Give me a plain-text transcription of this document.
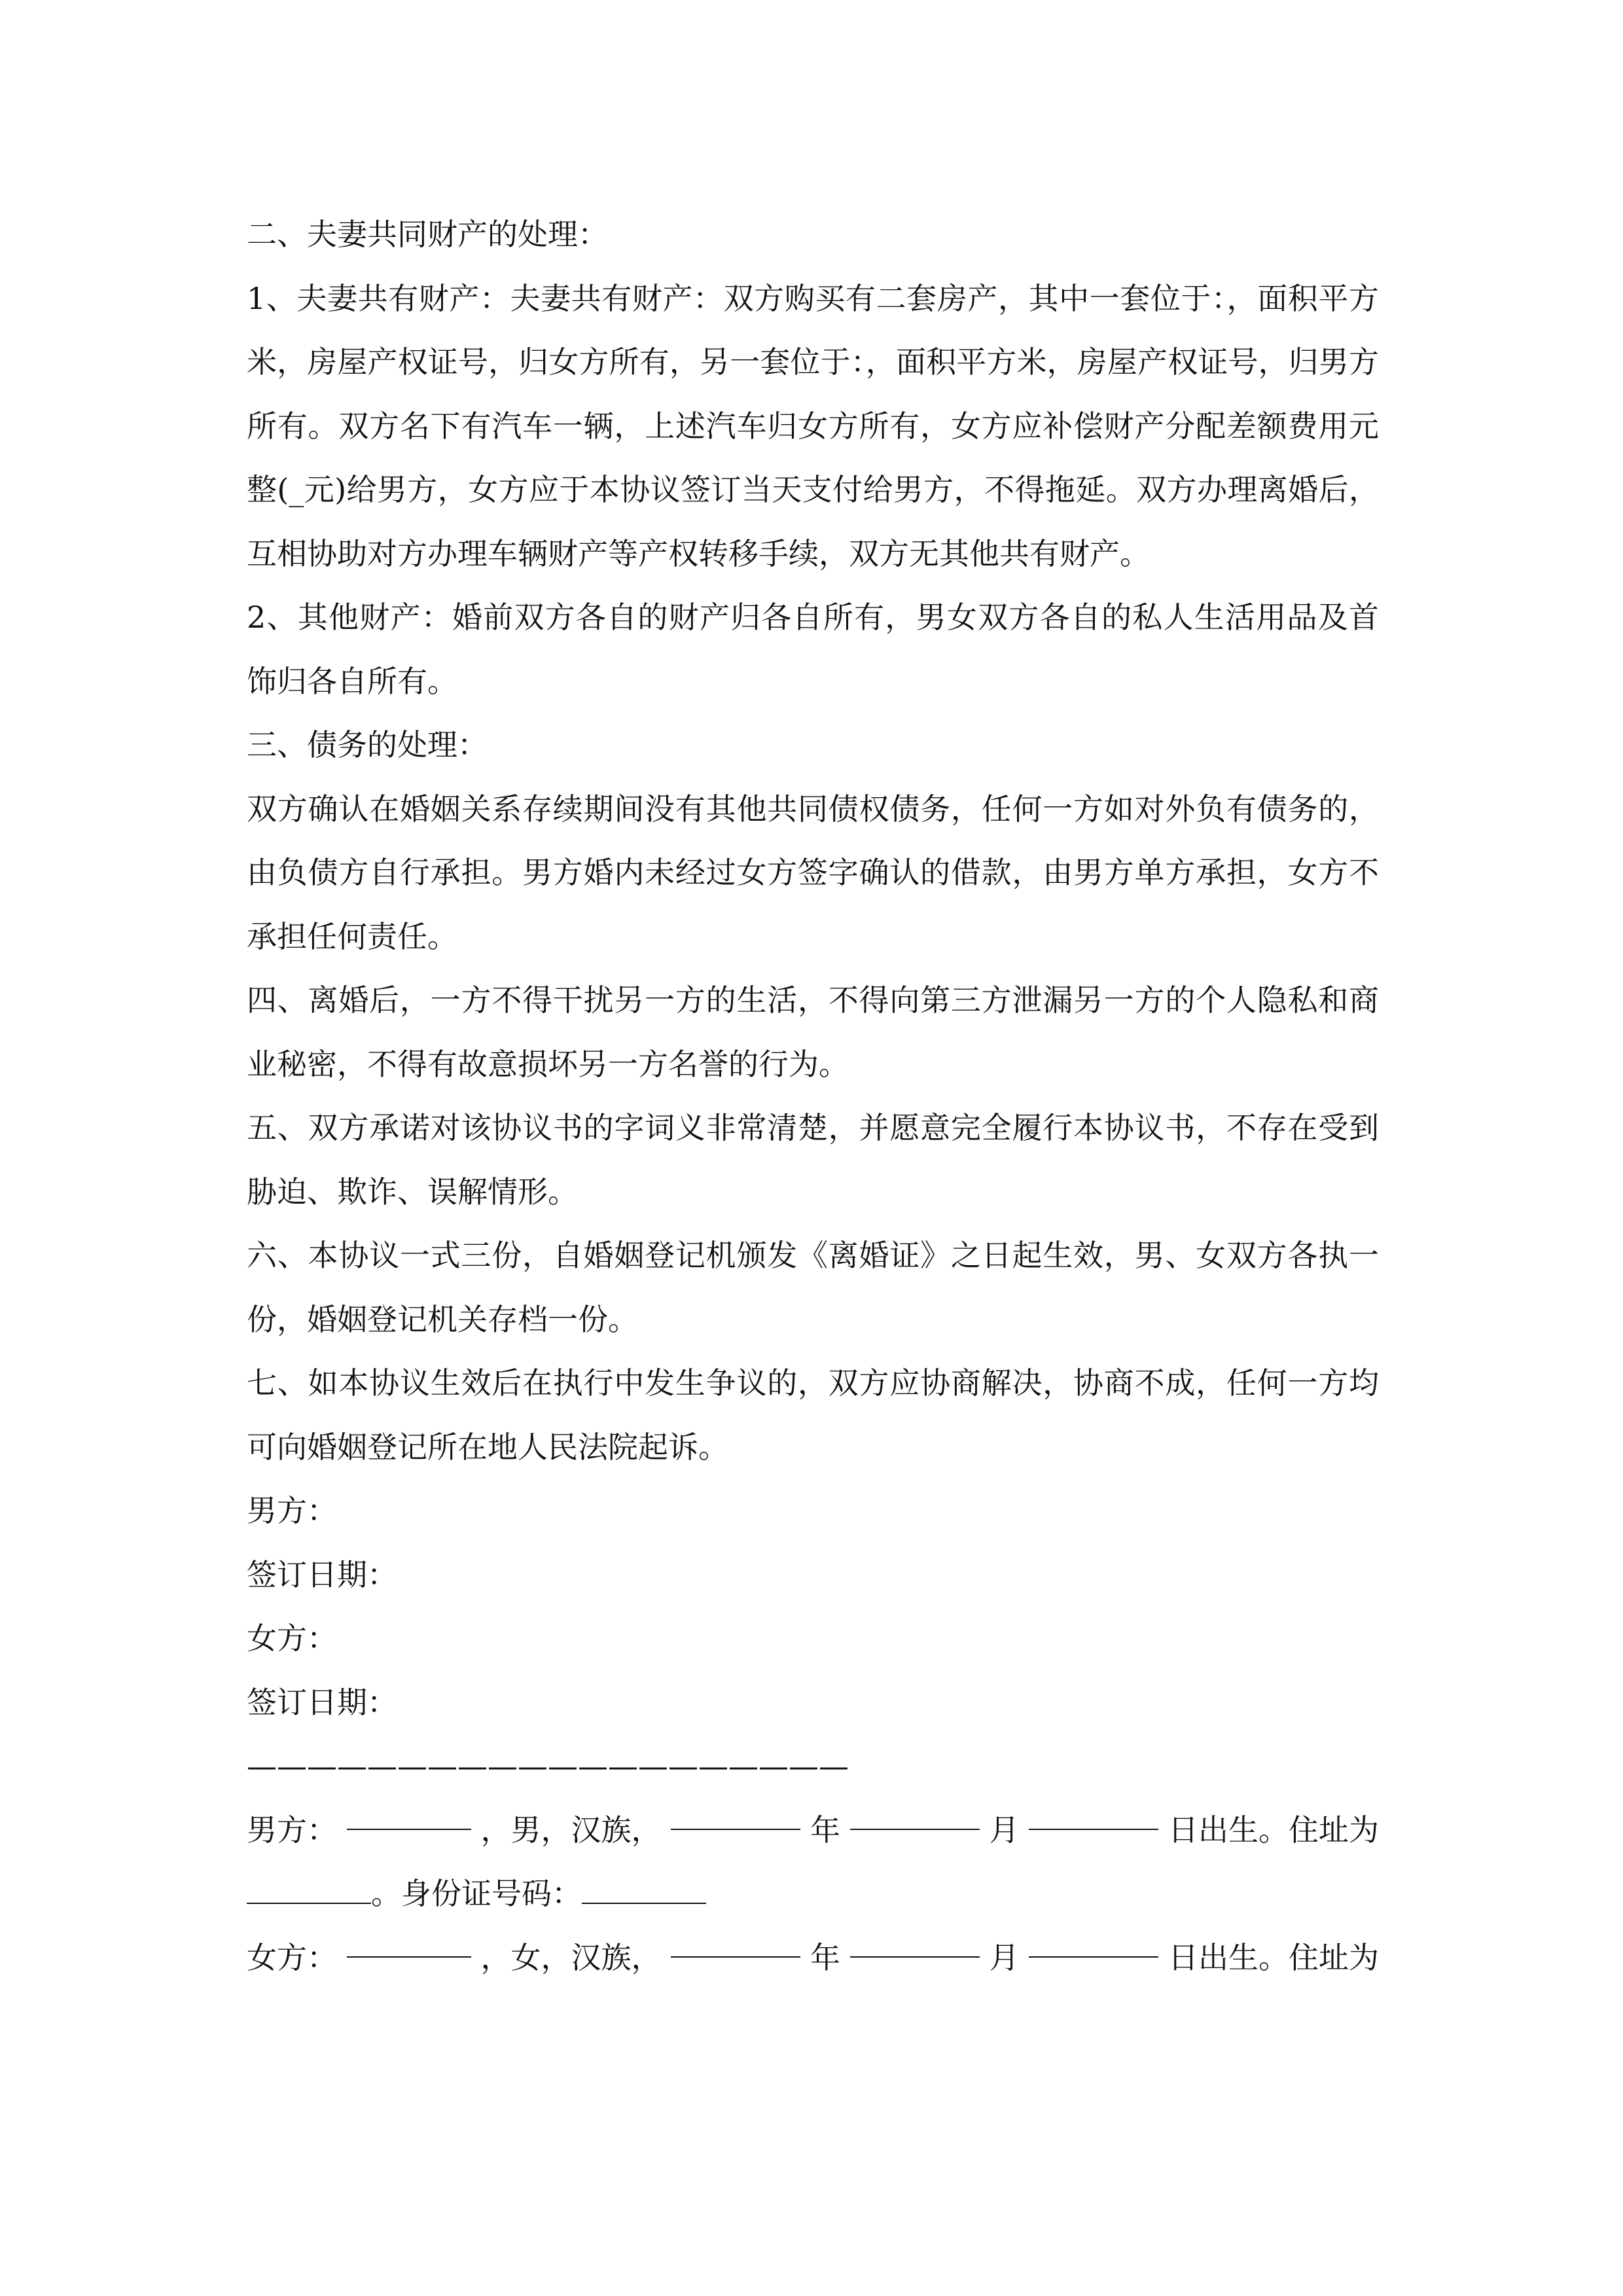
二、夫妻共同财产的处理：

1、夫妻共有财产：夫妻共有财产：双方购买有二套房产，其中一套位于：，面积平方米，房屋产权证号，归女方所有，另一套位于：，面积平方米，房屋产权证号，归男方所有。双方名下有汽车一辆，上述汽车归女方所有，女方应补偿财产分配差额费用元整(_元)给男方，女方应于本协议签订当天支付给男方，不得拖延。双方办理离婚后，互相协助对方办理车辆财产等产权转移手续，双方无其他共有财产。

2、其他财产：婚前双方各自的财产归各自所有，男女双方各自的私人生活用品及首饰归各自所有。

三、债务的处理：

双方确认在婚姻关系存续期间没有其他共同债权债务，任何一方如对外负有债务的，由负债方自行承担。男方婚内未经过女方签字确认的借款，由男方单方承担，女方不承担任何责任。

四、离婚后，一方不得干扰另一方的生活，不得向第三方泄漏另一方的个人隐私和商业秘密，不得有故意损坏另一方名誉的行为。

五、双方承诺对该协议书的字词义非常清楚，并愿意完全履行本协议书，不存在受到胁迫、欺诈、误解情形。

六、本协议一式三份，自婚姻登记机颁发《离婚证》之日起生效，男、女双方各执一份，婚姻登记机关存档一份。

七、如本协议生效后在执行中发生争议的，双方应协商解决，协商不成，任何一方均可向婚姻登记所在地人民法院起诉。

男方：

签订日期：

女方：

签订日期：

————————————————————

男方：	，男，汉族，	年	月	日出生。住址为

。身份证号码：

女方：	，女，汉族，	年	月	日出生。住址为
